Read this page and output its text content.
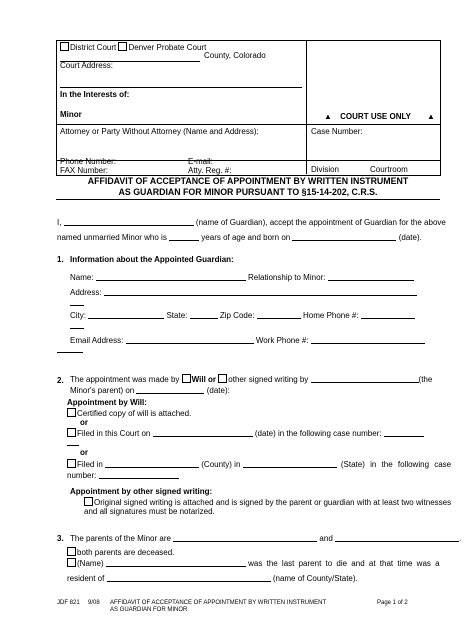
District Court Denver Probate Court
County, Colorado
Court Address:
In the Interests of:
Minor	▲ COURT USE ONLY ▲
Attorney or Party Without Attorney (Name and Address):	Case Number:
Phone Number:	E-mail:
FAX Number:	Atty. Reg. #:	Division	Courtroom
AFFIDAVIT OF ACCEPTANCE OF APPOINTMENT BY WRITTEN INSTRUMENT
AS GUARDIAN FOR MINOR PURSUANT TO §15-14-202, C.R.S.
I,	(name of Guardian), accept the appointment of Guardian for the above
named unmarried Minor who is	years of age and born on	(date).
1. Information about the Appointed Guardian:
Name:	Relationship to Minor:
Address:
City:	State:	Zip Code:	Home Phone #:
Email Address:	Work Phone #:
2. The appointment was made by Will or other signed writing by	(the
Minor's parent) on	(date):
Appointment by Will:
Certified copy of will is attached.
or
Filed in this Court on	(date) in the following case number:
or
Filed in	(County) in	(State) in the following case
number:
Appointment by other signed writing:
Original signed writing is attached and is signed by the parent or guardian with at least two witnesses
and all signatures must be notarized.
3. The parents of the Minor are	and	.
both parents are deceased.
(Name)	was the last parent to die and at that time was a
resident of	(name of County/State).
JDF 821 9/08 AFFIDAVIT OF ACCEPTANCE OF APPOINTMENT BY WRITTEN INSTRUMENT
AS GUARDIAN FOR MINOR
Page 1 of 2
